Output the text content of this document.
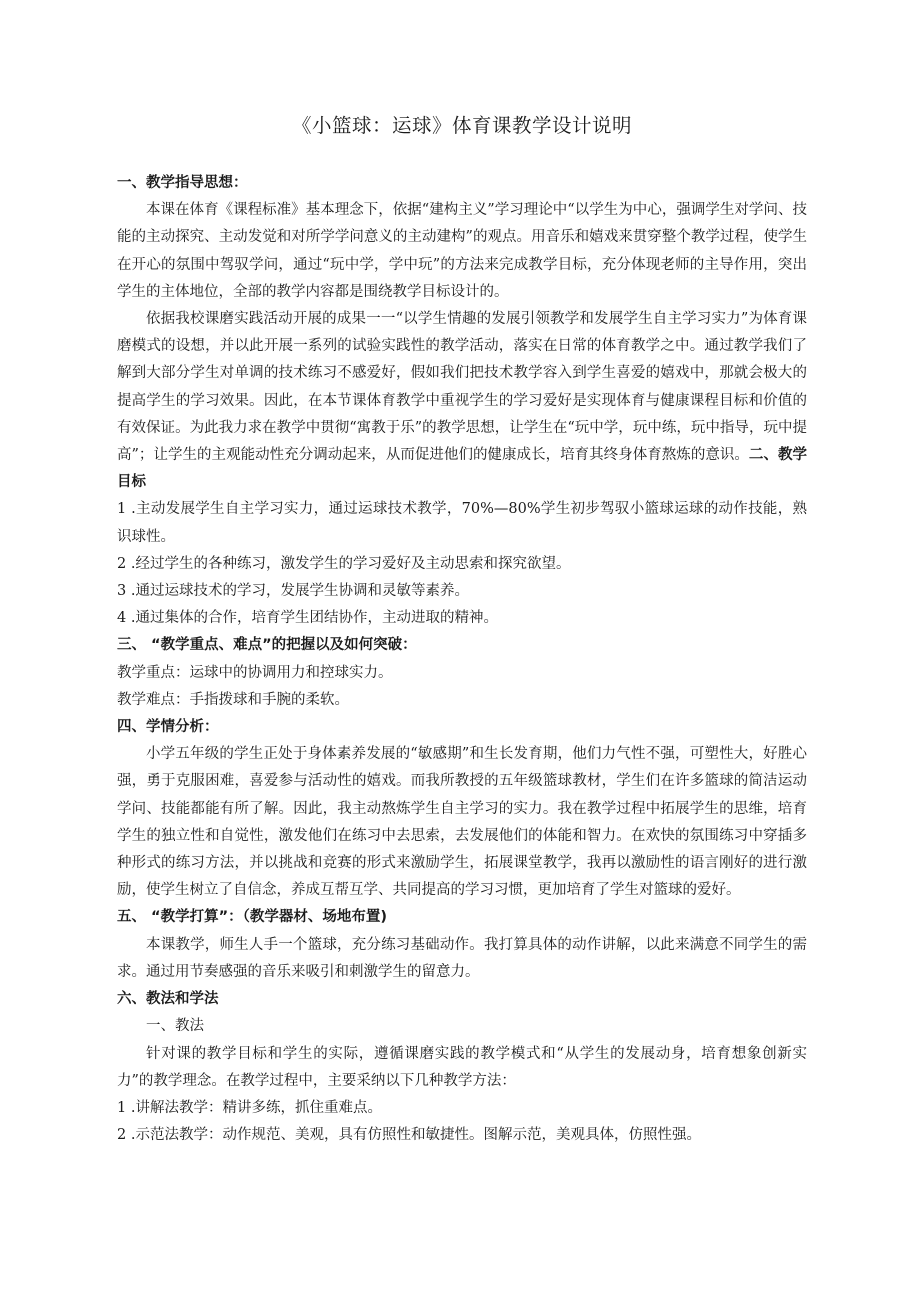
《小篮球：运球》体育课教学设计说明

一、教学指导思想：

本课在体育《课程标准》基本理念下，依据“建构主义”学习理论中“以学生为中心，强调学生对学问、技能的主动探究、主动发觉和对所学学问意义的主动建构”的观点。用音乐和嬉戏来贯穿整个教学过程，使学生在开心的氛围中驾驭学问，通过“玩中学，学中玩”的方法来完成教学目标，充分体现老师的主导作用，突出学生的主体地位，全部的教学内容都是围绕教学目标设计的。

依据我校课磨实践活动开展的成果一一“以学生情趣的发展引领教学和发展学生自主学习实力”为体育课磨模式的设想，并以此开展一系列的试验实践性的教学活动，落实在日常的体育教学之中。通过教学我们了解到大部分学生对单调的技术练习不感爱好，假如我们把技术教学容入到学生喜爱的嬉戏中，那就会极大的提高学生的学习效果。因此，在本节课体育教学中重视学生的学习爱好是实现体育与健康课程目标和价值的有效保证。为此我力求在教学中贯彻“寓教于乐”的教学思想，让学生在“玩中学，玩中练，玩中指导，玩中提高”；让学生的主观能动性充分调动起来，从而促进他们的健康成长，培育其终身体育熬炼的意识。二、教学目标

1 .主动发展学生自主学习实力，通过运球技术教学，70%—80%学生初步驾驭小篮球运球的动作技能，熟识球性。

2 .经过学生的各种练习，激发学生的学习爱好及主动思索和探究欲望。

3 .通过运球技术的学习，发展学生协调和灵敏等素养。

4 .通过集体的合作，培育学生团结协作，主动进取的精神。

三、 “教学重点、难点”的把握以及如何突破：

教学重点：运球中的协调用力和控球实力。

教学难点：手指拨球和手腕的柔软。

四、学情分析：

小学五年级的学生正处于身体素养发展的“敏感期”和生长发育期，他们力气性不强，可塑性大，好胜心强，勇于克服困难，喜爱参与活动性的嬉戏。而我所教授的五年级篮球教材，学生们在许多篮球的简洁运动学问、技能都能有所了解。因此，我主动熬炼学生自主学习的实力。我在教学过程中拓展学生的思维，培育学生的独立性和自觉性，激发他们在练习中去思索，去发展他们的体能和智力。在欢快的氛围练习中穿插多种形式的练习方法，并以挑战和竞赛的形式来激励学生，拓展课堂教学，我再以激励性的语言刚好的进行激励，使学生树立了自信念，养成互帮互学、共同提高的学习习惯，更加培育了学生对篮球的爱好。

五、 “教学打算”：（教学器材、场地布置)

本课教学，师生人手一个篮球，充分练习基础动作。我打算具体的动作讲解，以此来满意不同学生的需求。通过用节奏感强的音乐来吸引和刺激学生的留意力。

六、教法和学法

一、教法

针对课的教学目标和学生的实际，遵循课磨实践的教学模式和“从学生的发展动身，培育想象创新实力”的教学理念。在教学过程中，主要采纳以下几种教学方法：

1 .讲解法教学：精讲多练，抓住重难点。

2 .示范法教学：动作规范、美观，具有仿照性和敏捷性。图解示范，美观具体，仿照性强。
